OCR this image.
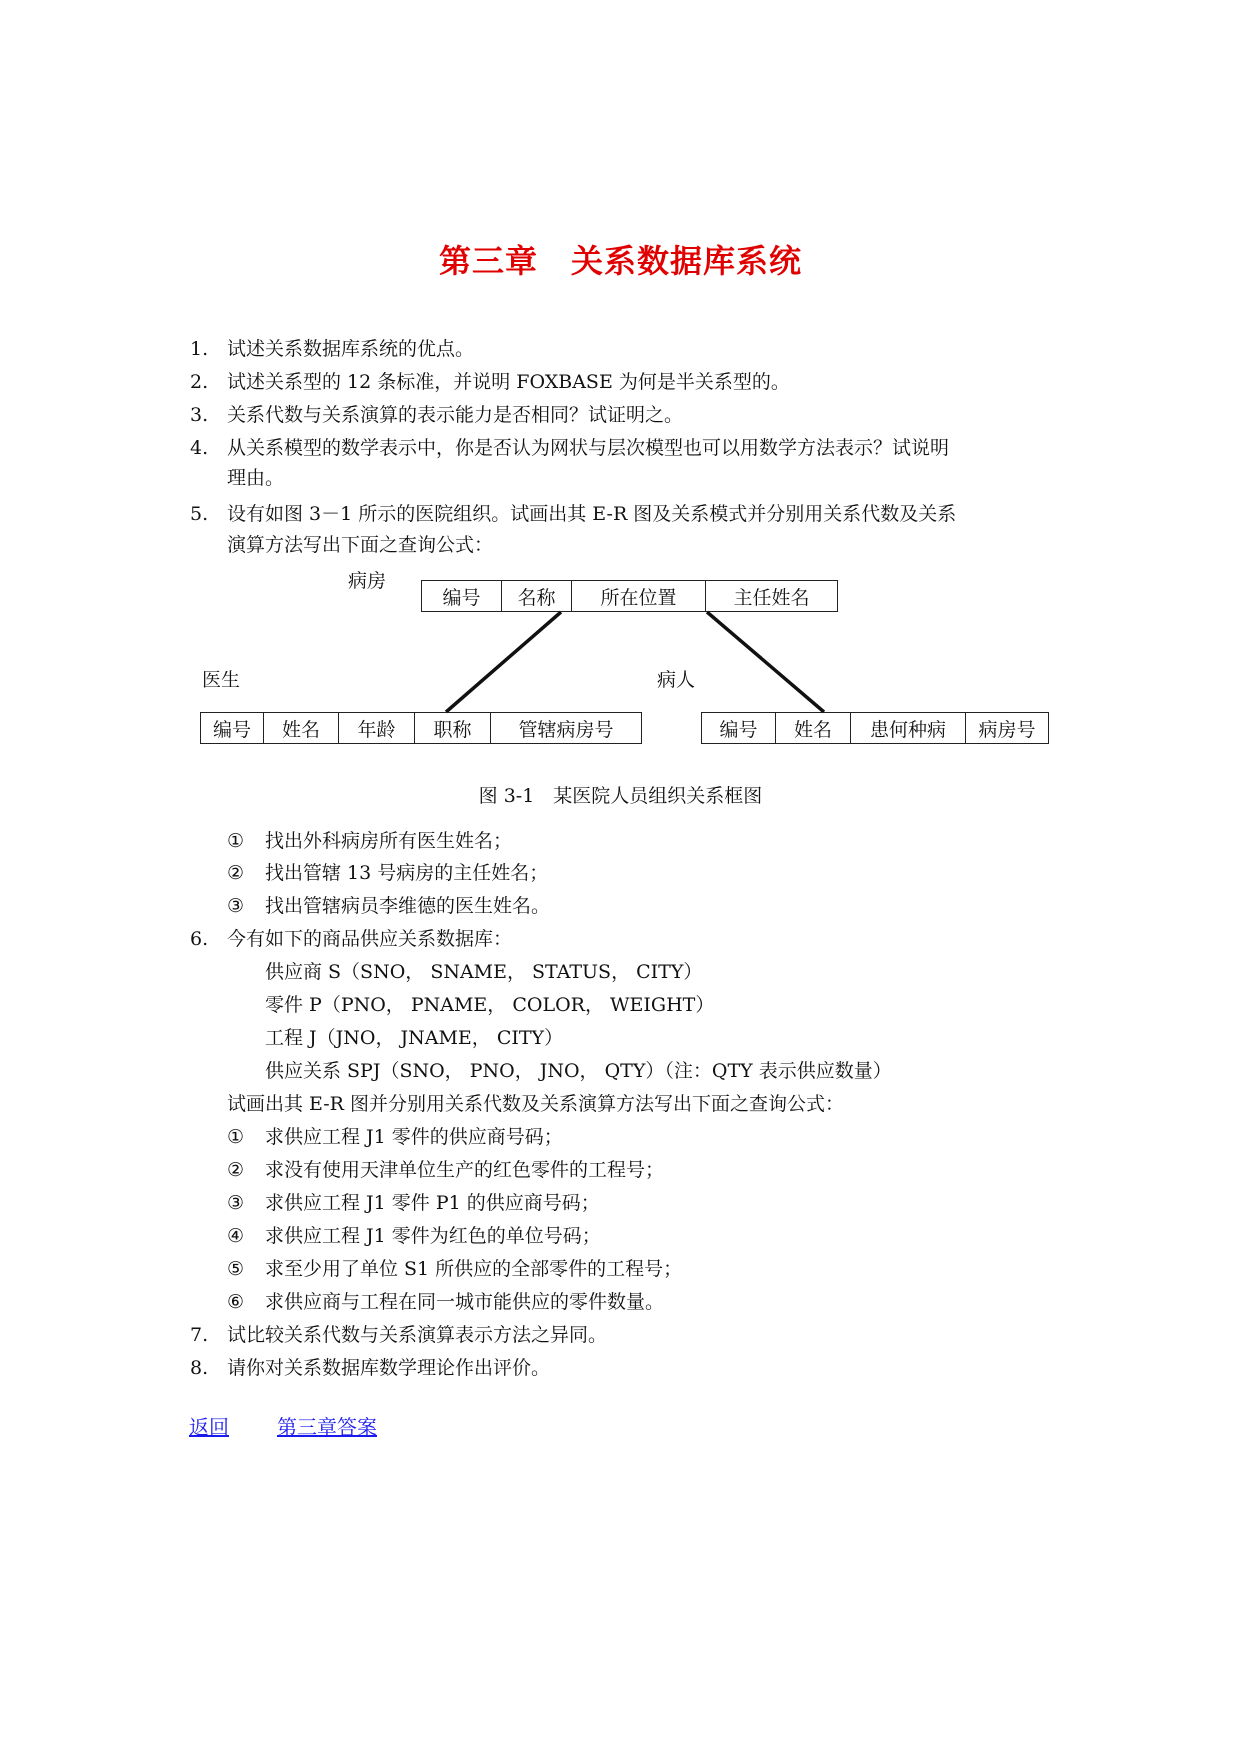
第三章　关系数据库系统
1. 试述关系数据库系统的优点。
2. 试述关系型的 12 条标准，并说明 FOXBASE 为何是半关系型的。
3. 关系代数与关系演算的表示能力是否相同？试证明之。
4. 从关系模型的数学表示中，你是否认为网状与层次模型也可以用数学方法表示？试说明
理由。
5. 设有如图 3－1 所示的医院组织。试画出其 E-R 图及关系模式并分别用关系代数及关系
演算方法写出下面之查询公式：
病房
编号	名称	所在位置	主任姓名
医生	病人
编号	姓名	年龄	职称	管辖病房号	编号	姓名	患何种病	病房号
图 3-1　某医院人员组织关系框图
① 找出外科病房所有医生姓名；
② 找出管辖 13 号病房的主任姓名；
③ 找出管辖病员李维德的医生姓名。
6. 今有如下的商品供应关系数据库：
供应商 S（SNO， SNAME， STATUS， CITY）
零件 P（PNO， PNAME， COLOR， WEIGHT）
工程 J（JNO， JNAME， CITY）
供应关系 SPJ（SNO， PNO， JNO， QTY）（注：QTY 表示供应数量）
试画出其 E-R 图并分别用关系代数及关系演算方法写出下面之查询公式：
① 求供应工程 J1 零件的供应商号码；
② 求没有使用天津单位生产的红色零件的工程号；
③ 求供应工程 J1 零件 P1 的供应商号码；
④ 求供应工程 J1 零件为红色的单位号码；
⑤ 求至少用了单位 S1 所供应的全部零件的工程号；
⑥ 求供应商与工程在同一城市能供应的零件数量。
7. 试比较关系代数与关系演算表示方法之异同。
8. 请你对关系数据库数学理论作出评价。
返回 第三章答案
